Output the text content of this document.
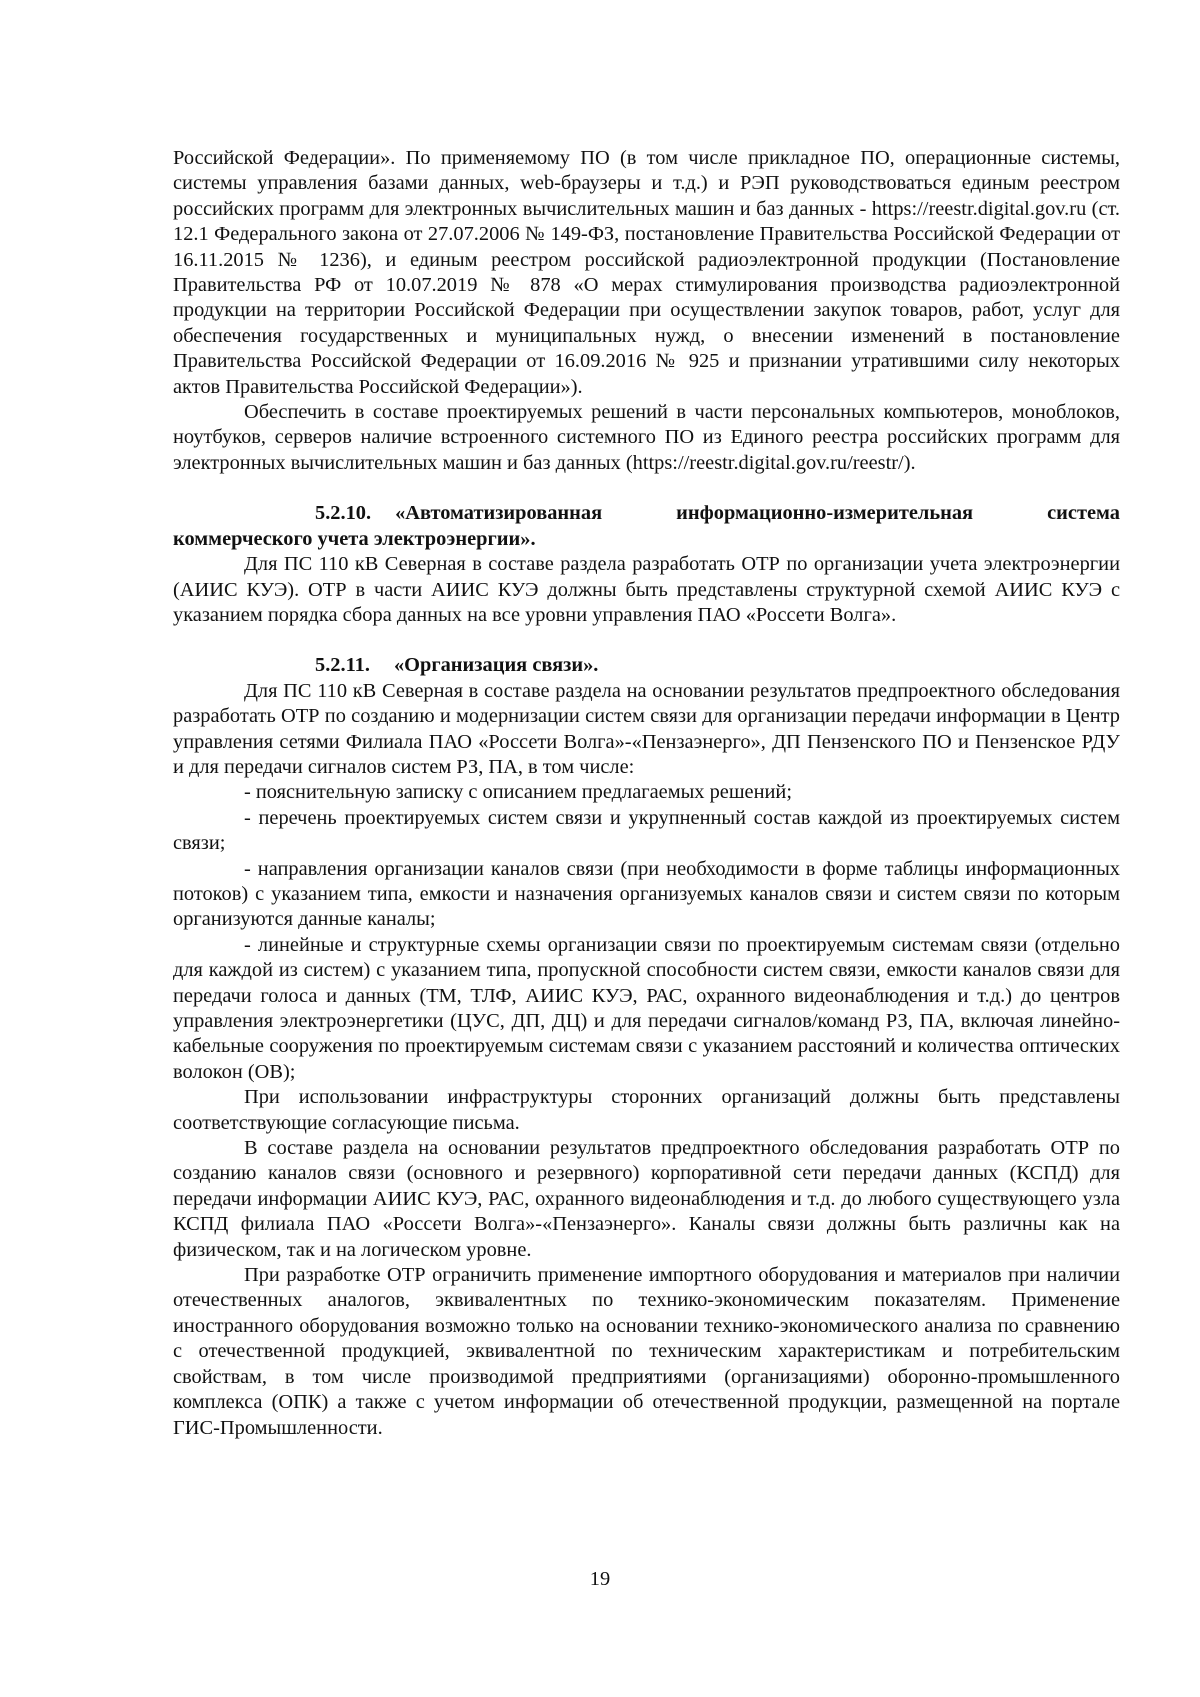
Российской Федерации». По применяемому ПО (в том числе прикладное ПО, операционные системы, системы управления базами данных, web-браузеры и т.д.) и РЭП руководствоваться единым реестром российских программ для электронных вычислительных машин и баз данных - https://reestr.digital.gov.ru (ст. 12.1 Федерального закона от 27.07.2006 № 149-ФЗ, постановление Правительства Российской Федерации от 16.11.2015 № 1236), и единым реестром российской радиоэлектронной продукции (Постановление Правительства РФ от 10.07.2019 № 878 «О мерах стимулирования производства радиоэлектронной продукции на территории Российской Федерации при осуществлении закупок товаров, работ, услуг для обеспечения государственных и муниципальных нужд, о внесении изменений в постановление Правительства Российской Федерации от 16.09.2016 № 925 и признании утратившими силу некоторых актов Правительства Российской Федерации»).

Обеспечить в составе проектируемых решений в части персональных компьютеров, моноблоков, ноутбуков, серверов наличие встроенного системного ПО из Единого реестра российских программ для электронных вычислительных машин и баз данных (https://reestr.digital.gov.ru/reestr/).

5.2.10. «Автоматизированная информационно-измерительная система коммерческого учета электроэнергии».

Для ПС 110 кВ Северная в составе раздела разработать ОТР по организации учета электроэнергии (АИИС КУЭ). ОТР в части АИИС КУЭ должны быть представлены структурной схемой АИИС КУЭ с указанием порядка сбора данных на все уровни управления ПАО «Россети Волга».

5.2.11. «Организация связи».

Для ПС 110 кВ Северная в составе раздела на основании результатов предпроектного обследования разработать ОТР по созданию и модернизации систем связи для организации передачи информации в Центр управления сетями Филиала ПАО «Россети Волга»-«Пензаэнерго», ДП Пензенского ПО и Пензенское РДУ и для передачи сигналов систем РЗ, ПА, в том числе:

- пояснительную записку с описанием предлагаемых решений;

- перечень проектируемых систем связи и укрупненный состав каждой из проектируемых систем связи;

- направления организации каналов связи (при необходимости в форме таблицы информационных потоков) с указанием типа, емкости и назначения организуемых каналов связи и систем связи по которым организуются данные каналы;

- линейные и структурные схемы организации связи по проектируемым системам связи (отдельно для каждой из систем) с указанием типа, пропускной способности систем связи, емкости каналов связи для передачи голоса и данных (ТМ, ТЛФ, АИИС КУЭ, РАС, охранного видеонаблюдения и т.д.) до центров управления электроэнергетики (ЦУС, ДП, ДЦ) и для передачи сигналов/команд РЗ, ПА, включая линейно-кабельные сооружения по проектируемым системам связи с указанием расстояний и количества оптических волокон (ОВ);

При использовании инфраструктуры сторонних организаций должны быть представлены соответствующие согласующие письма.

В составе раздела на основании результатов предпроектного обследования разработать ОТР по созданию каналов связи (основного и резервного) корпоративной сети передачи данных (КСПД) для передачи информации АИИС КУЭ, РАС, охранного видеонаблюдения и т.д. до любого существующего узла КСПД филиала ПАО «Россети Волга»-«Пензаэнерго». Каналы связи должны быть различны как на физическом, так и на логическом уровне.

При разработке ОТР ограничить применение импортного оборудования и материалов при наличии отечественных аналогов, эквивалентных по технико-экономическим показателям. Применение иностранного оборудования возможно только на основании технико-экономического анализа по сравнению с отечественной продукцией, эквивалентной по техническим характеристикам и потребительским свойствам, в том числе производимой предприятиями (организациями) оборонно-промышленного комплекса (ОПК) а также с учетом информации об отечественной продукции, размещенной на портале ГИС-Промышленности.

19
